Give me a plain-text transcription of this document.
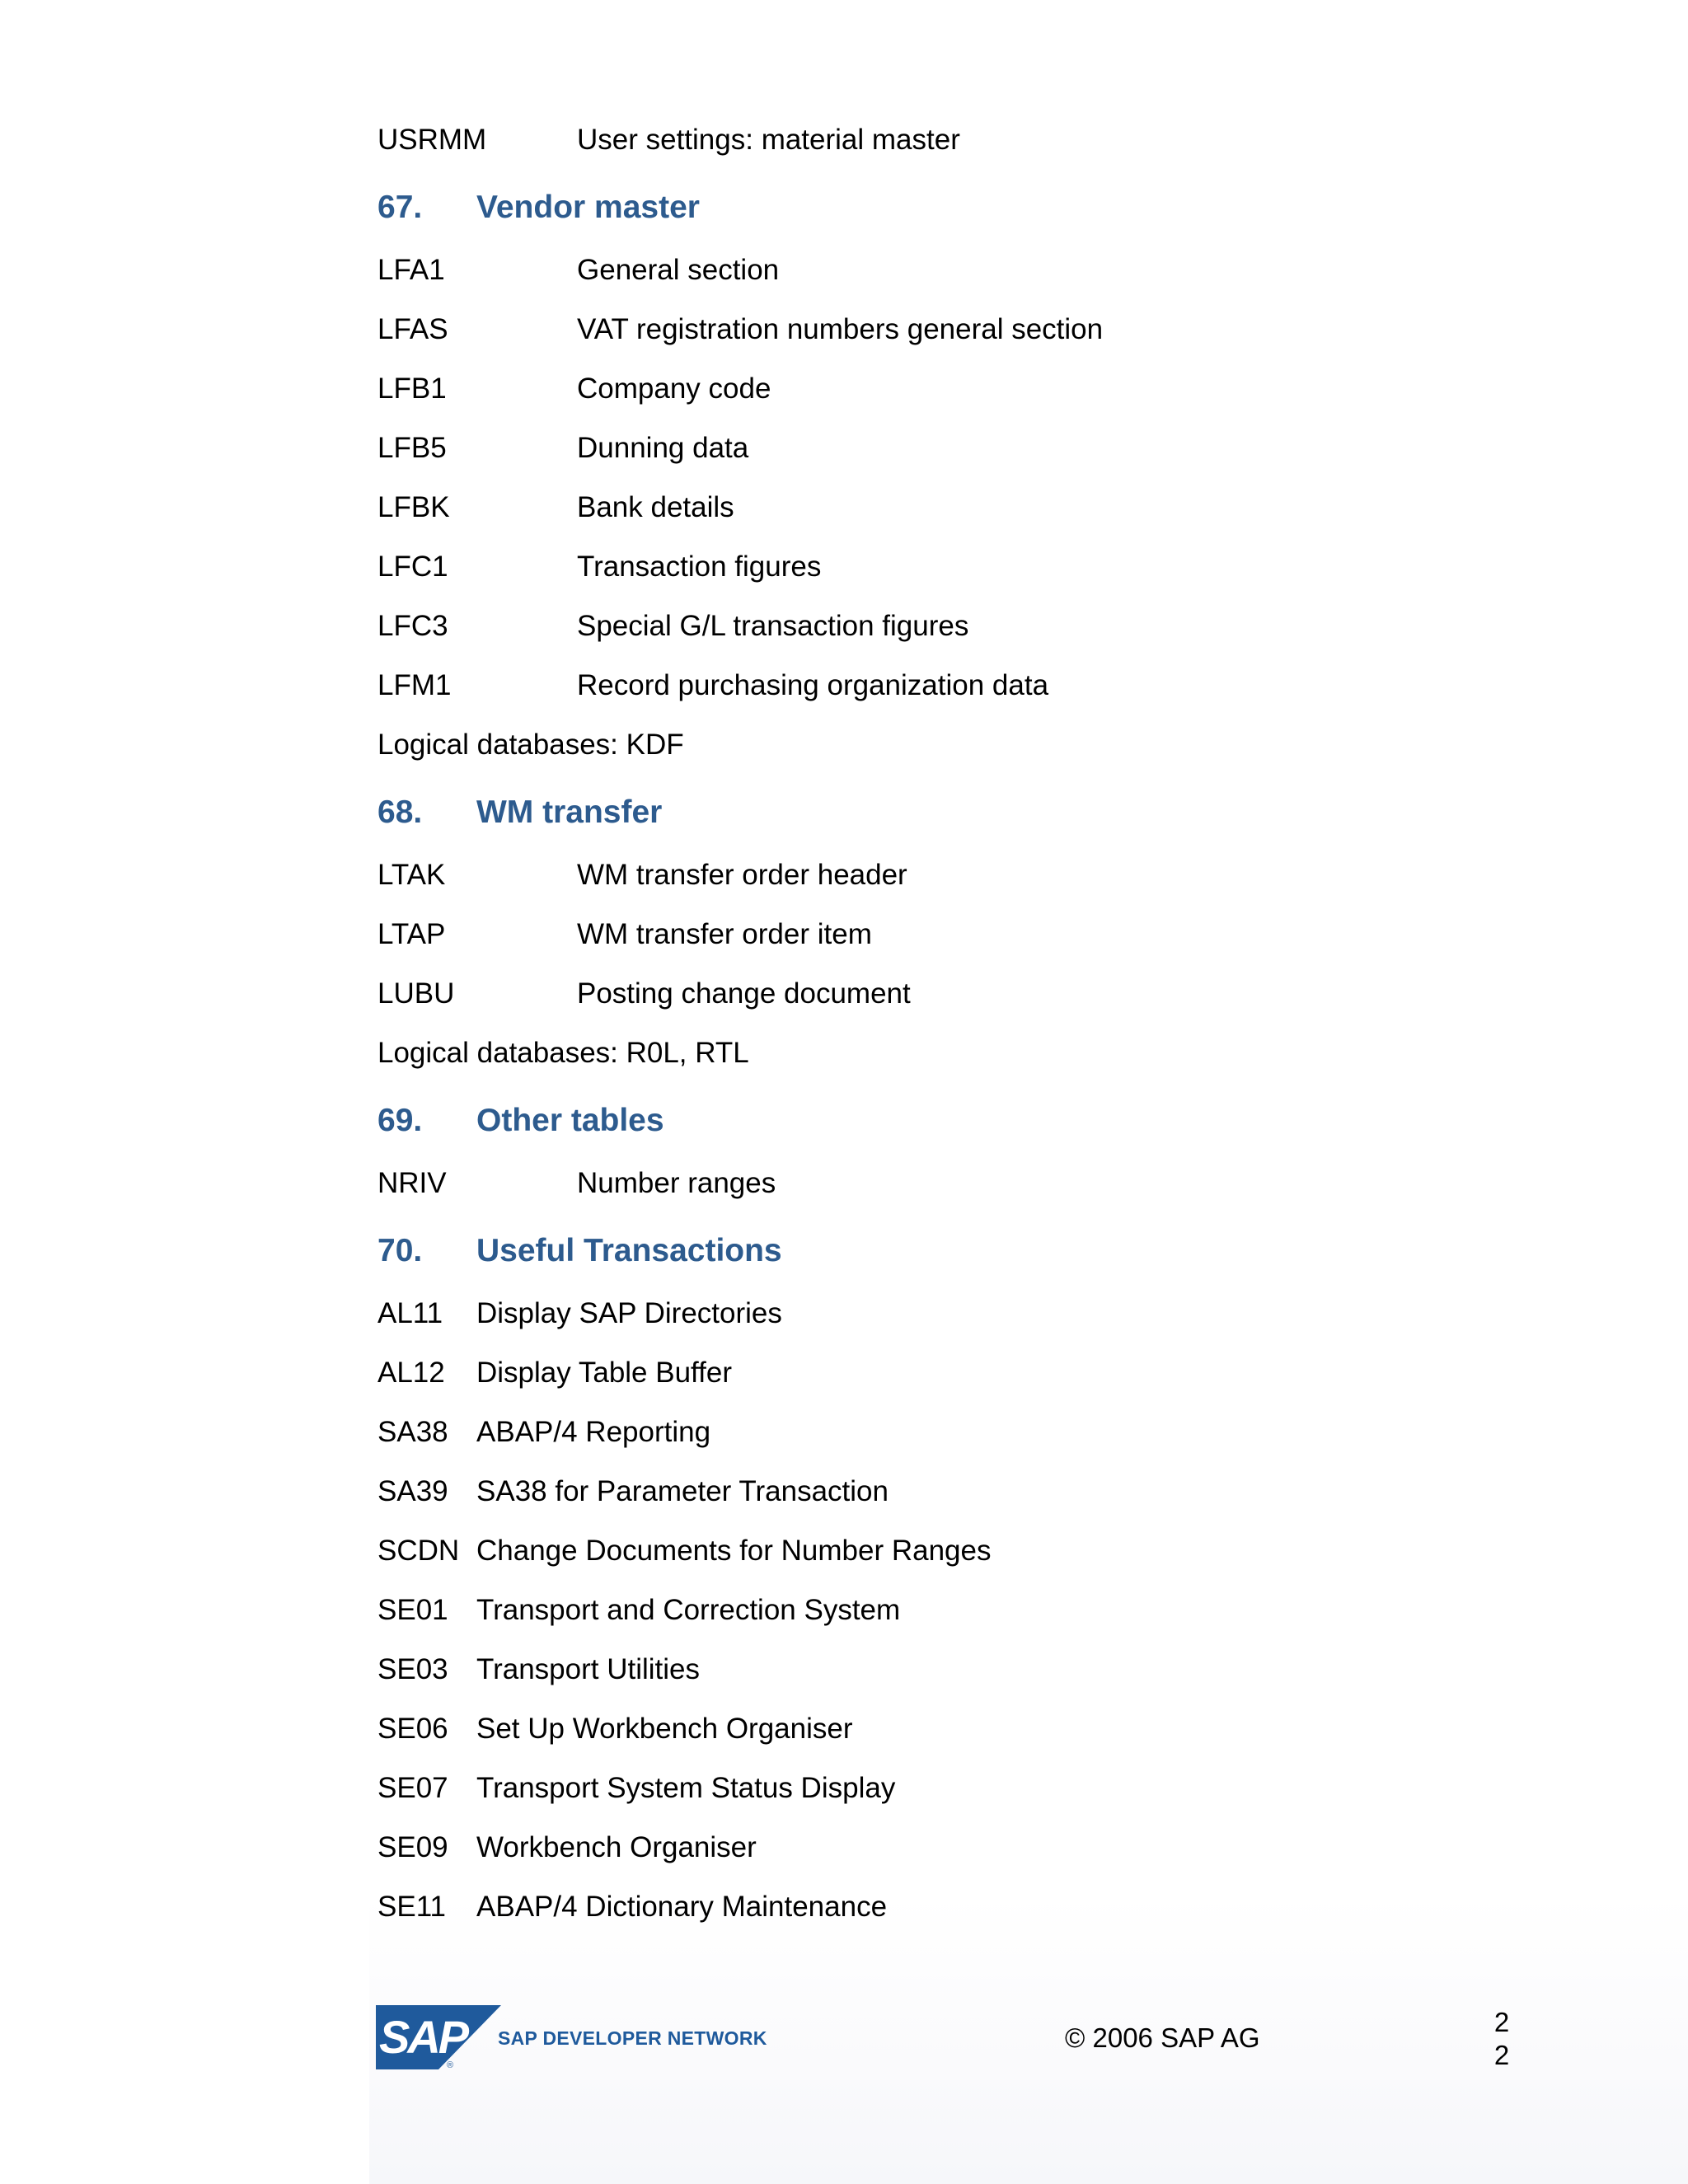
USRMM	User settings: material master
67. Vendor master
LFA1	General section
LFAS	VAT registration numbers general section
LFB1	Company code
LFB5	Dunning data
LFBK	Bank details
LFC1	Transaction figures
LFC3	Special G/L transaction figures
LFM1	Record purchasing organization data
Logical databases: KDF
68. WM transfer
LTAK	WM transfer order header
LTAP	WM transfer order item
LUBU	Posting change document
Logical databases: R0L, RTL
69. Other tables
NRIV	Number ranges
70. Useful Transactions
AL11 Display SAP Directories
AL12 Display Table Buffer
SA38 ABAP/4 Reporting
SA39 SA38 for Parameter Transaction
SCDN Change Documents for Number Ranges
SE01 Transport and Correction System
SE03 Transport Utilities
SE06 Set Up Workbench Organiser
SE07 Transport System Status Display
SE09 Workbench Organiser
SE11 ABAP/4 Dictionary Maintenance
SAP
®
SAP DEVELOPER NETWORK	© 2006 SAP AG
2
2
